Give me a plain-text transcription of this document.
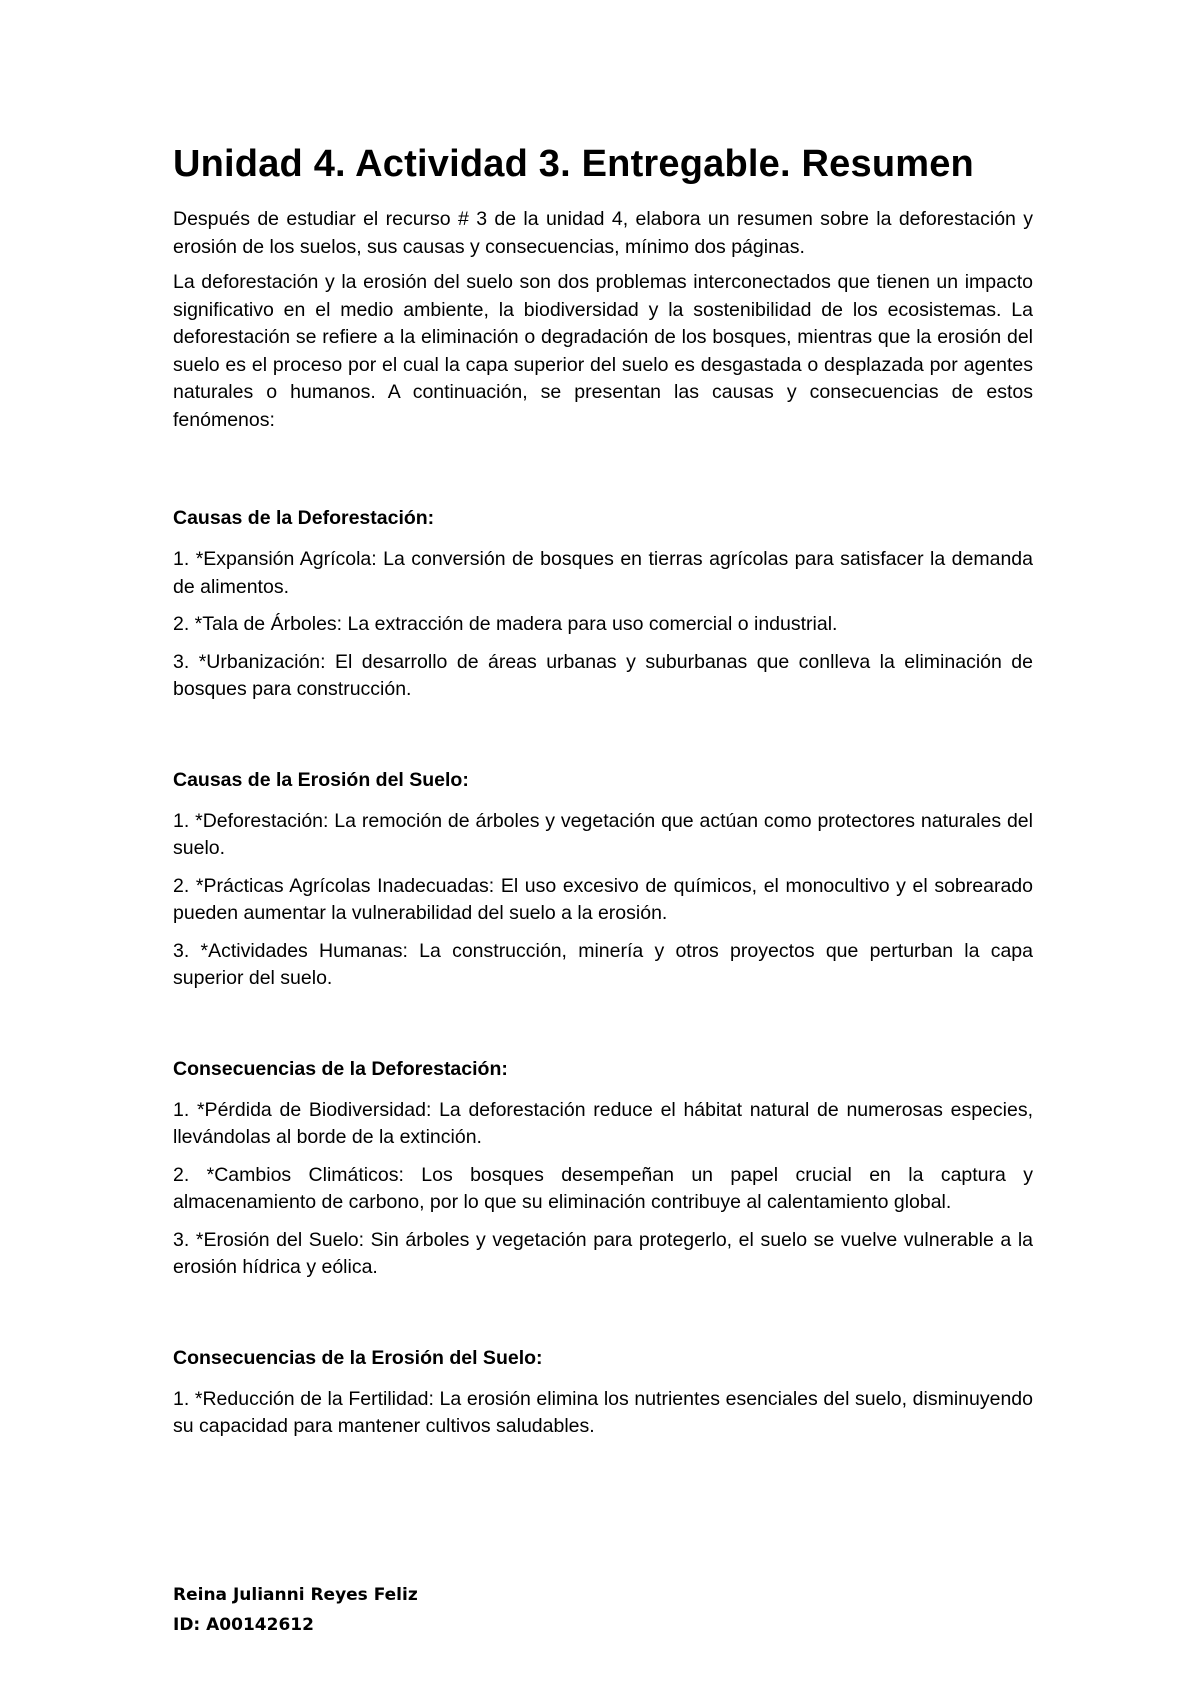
Unidad 4. Actividad 3. Entregable. Resumen

Después de estudiar el recurso # 3 de la unidad 4, elabora un resumen sobre la deforestación y erosión de los suelos, sus causas y consecuencias, mínimo dos páginas.

La deforestación y la erosión del suelo son dos problemas interconectados que tienen un impacto significativo en el medio ambiente, la biodiversidad y la sostenibilidad de los ecosistemas. La deforestación se refiere a la eliminación o degradación de los bosques, mientras que la erosión del suelo es el proceso por el cual la capa superior del suelo es desgastada o desplazada por agentes naturales o humanos. A continuación, se presentan las causas y consecuencias de estos fenómenos:

Causas de la Deforestación:

1. *Expansión Agrícola: La conversión de bosques en tierras agrícolas para satisfacer la demanda de alimentos.

2. *Tala de Árboles: La extracción de madera para uso comercial o industrial.

3. *Urbanización: El desarrollo de áreas urbanas y suburbanas que conlleva la eliminación de bosques para construcción.

Causas de la Erosión del Suelo:

1. *Deforestación: La remoción de árboles y vegetación que actúan como protectores naturales del suelo.

2. *Prácticas Agrícolas Inadecuadas: El uso excesivo de químicos, el monocultivo y el sobrearado pueden aumentar la vulnerabilidad del suelo a la erosión.

3. *Actividades Humanas: La construcción, minería y otros proyectos que perturban la capa superior del suelo.

Consecuencias de la Deforestación:

1. *Pérdida de Biodiversidad: La deforestación reduce el hábitat natural de numerosas especies, llevándolas al borde de la extinción.

2. *Cambios Climáticos: Los bosques desempeñan un papel crucial en la captura y almacenamiento de carbono, por lo que su eliminación contribuye al calentamiento global.

3. *Erosión del Suelo: Sin árboles y vegetación para protegerlo, el suelo se vuelve vulnerable a la erosión hídrica y eólica.

Consecuencias de la Erosión del Suelo:

1. *Reducción de la Fertilidad: La erosión elimina los nutrientes esenciales del suelo, disminuyendo su capacidad para mantener cultivos saludables.

Reina Julianni Reyes Feliz
ID: A00142612
